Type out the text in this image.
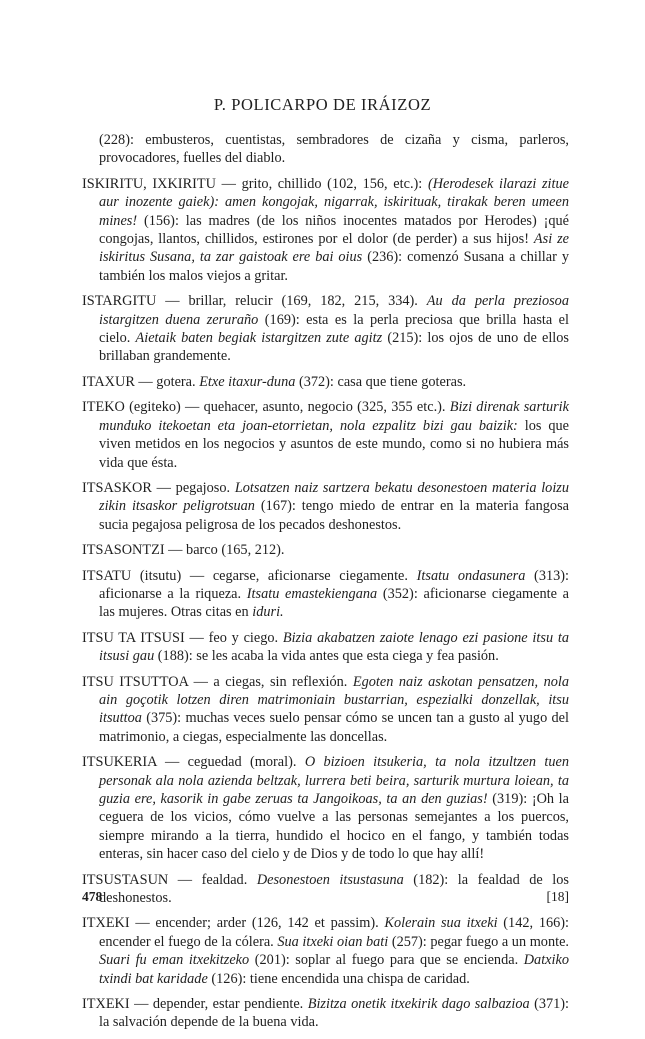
P. POLICARPO DE IRÁIZOZ

(228): embusteros, cuentistas, sembradores de cizaña y cisma, parleros, provocadores, fuelles del diablo.

ISKIRITU, IXKIRITU — grito, chillido (102, 156, etc.): (Herodesek ilarazi zitue aur inozente gaiek): amen kongojak, nigarrak, iskirituak, tirakak beren umeen mines! (156): las madres (de los niños inocentes matados por Herodes) ¡qué congojas, llantos, chillidos, estirones por el dolor (de perder) a sus hijos! Asi ze iskiritus Susana, ta zar gaistoak ere bai oius (236): comenzó Susana a chillar y también los malos viejos a gritar.

ISTARGITU — brillar, relucir (169, 182, 215, 334). Au da perla preziosoa istargitzen duena zeruraño (169): esta es la perla preciosa que brilla hasta el cielo. Aietaik baten begiak istargitzen zute agitz (215): los ojos de uno de ellos brillaban grandemente.

ITAXUR — gotera. Etxe itaxur-duna (372): casa que tiene goteras.

ITEKO (egiteko) — quehacer, asunto, negocio (325, 355 etc.). Bizi direnak sarturik munduko itekoetan eta joan-etorrietan, nola ezpalitz bizi gau baizik: los que viven metidos en los negocios y asuntos de este mundo, como si no hubiera más vida que ésta.

ITSASKOR — pegajoso. Lotsatzen naiz sartzera bekatu desonestoen materia loizu zikin itsaskor peligrotsuan (167): tengo miedo de entrar en la materia fangosa sucia pegajosa peligrosa de los pecados deshonestos.

ITSASONTZI — barco (165, 212).

ITSATU (itsutu) — cegarse, aficionarse ciegamente. Itsatu ondasunera (313): aficionarse a la riqueza. Itsatu emastekiengana (352): aficionarse ciegamente a las mujeres. Otras citas en iduri.

ITSU TA ITSUSI — feo y ciego. Bizia akabatzen zaiote lenago ezi pasione itsu ta itsusi gau (188): se les acaba la vida antes que esta ciega y fea pasión.

ITSU ITSUTTOA — a ciegas, sin reflexión. Egoten naiz askotan pensatzen, nola ain goçotik lotzen diren matrimoniain bustarrian, espezialki donzellak, itsu itsuttoa (375): muchas veces suelo pensar cómo se uncen tan a gusto al yugo del matrimonio, a ciegas, especialmente las doncellas.

ITSUKERIA — ceguedad (moral). O bizioen itsukeria, ta nola itzultzen tuen personak ala nola azienda beltzak, lurrera beti beira, sarturik murtura loiean, ta guzia ere, kasorik in gabe zeruas ta Jangoikoas, ta an den guzias! (319): ¡Oh la ceguera de los vicios, cómo vuelve a las personas semejantes a los puercos, siempre mirando a la tierra, hundido el hocico en el fango, y también todas enteras, sin hacer caso del cielo y de Dios y de todo lo que hay allí!

ITSUSTASUN — fealdad. Desonestoen itsustasuna (182): la fealdad de los deshonestos.

ITXEKI — encender; arder (126, 142 et passim). Kolerain sua itxeki (142, 166): encender el fuego de la cólera. Sua itxeki oian bati (257): pegar fuego a un monte. Suari fu eman itxekitzeko (201): soplar al fuego para que se encienda. Datxiko txindi bat karidade (126): tiene encendida una chispa de caridad.

ITXEKI — depender, estar pendiente. Bizitza onetik itxekirik dago salbazioa (371): la salvación depende de la buena vida.

478	[18]
